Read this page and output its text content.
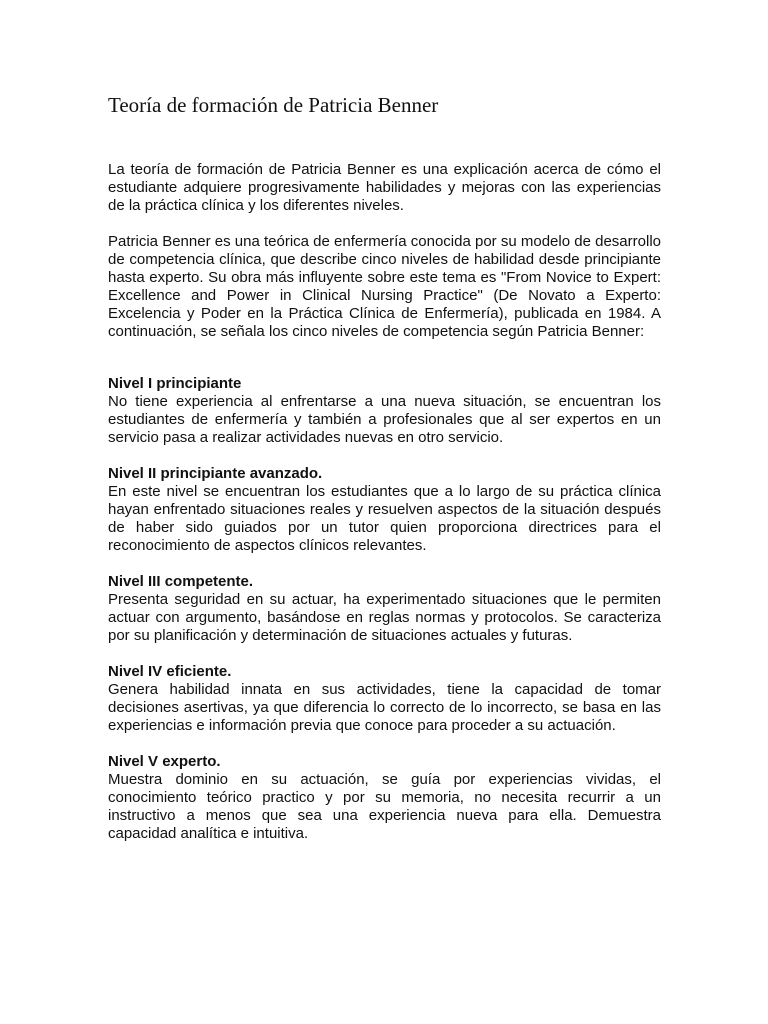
Teoría de formación de Patricia Benner

La teoría de formación de Patricia Benner es una explicación acerca de cómo el estudiante adquiere progresivamente habilidades y mejoras con las experiencias de la práctica clínica y los diferentes niveles.

Patricia Benner es una teórica de enfermería conocida por su modelo de desarrollo de competencia clínica, que describe cinco niveles de habilidad desde principiante hasta experto. Su obra más influyente sobre este tema es "From Novice to Expert: Excellence and Power in Clinical Nursing Practice" (De Novato a Experto: Excelencia y Poder en la Práctica Clínica de Enfermería), publicada en 1984. A continuación, se señala los cinco niveles de competencia según Patricia Benner:

Nivel I principiante
No tiene experiencia al enfrentarse a una nueva situación, se encuentran los estudiantes de enfermería y también a profesionales que al ser expertos en un servicio pasa a realizar actividades nuevas en otro servicio.
Nivel II principiante avanzado.
En este nivel se encuentran los estudiantes que a lo largo de su práctica clínica hayan enfrentado situaciones reales y resuelven aspectos de la situación después de haber sido guiados por un tutor quien proporciona directrices para el reconocimiento de aspectos clínicos relevantes.
Nivel III competente.
Presenta seguridad en su actuar, ha experimentado situaciones que le permiten actuar con argumento, basándose en reglas normas y protocolos. Se caracteriza por su planificación y determinación de situaciones actuales y futuras.
Nivel IV eficiente.
Genera habilidad innata en sus actividades, tiene la capacidad de tomar decisiones asertivas, ya que diferencia lo correcto de lo incorrecto, se basa en las experiencias e información previa que conoce para proceder a su actuación.
Nivel V experto.
Muestra dominio en su actuación, se guía por experiencias vividas, el conocimiento teórico practico y por su memoria, no necesita recurrir a un instructivo a menos que sea una experiencia nueva para ella. Demuestra capacidad analítica e intuitiva.
